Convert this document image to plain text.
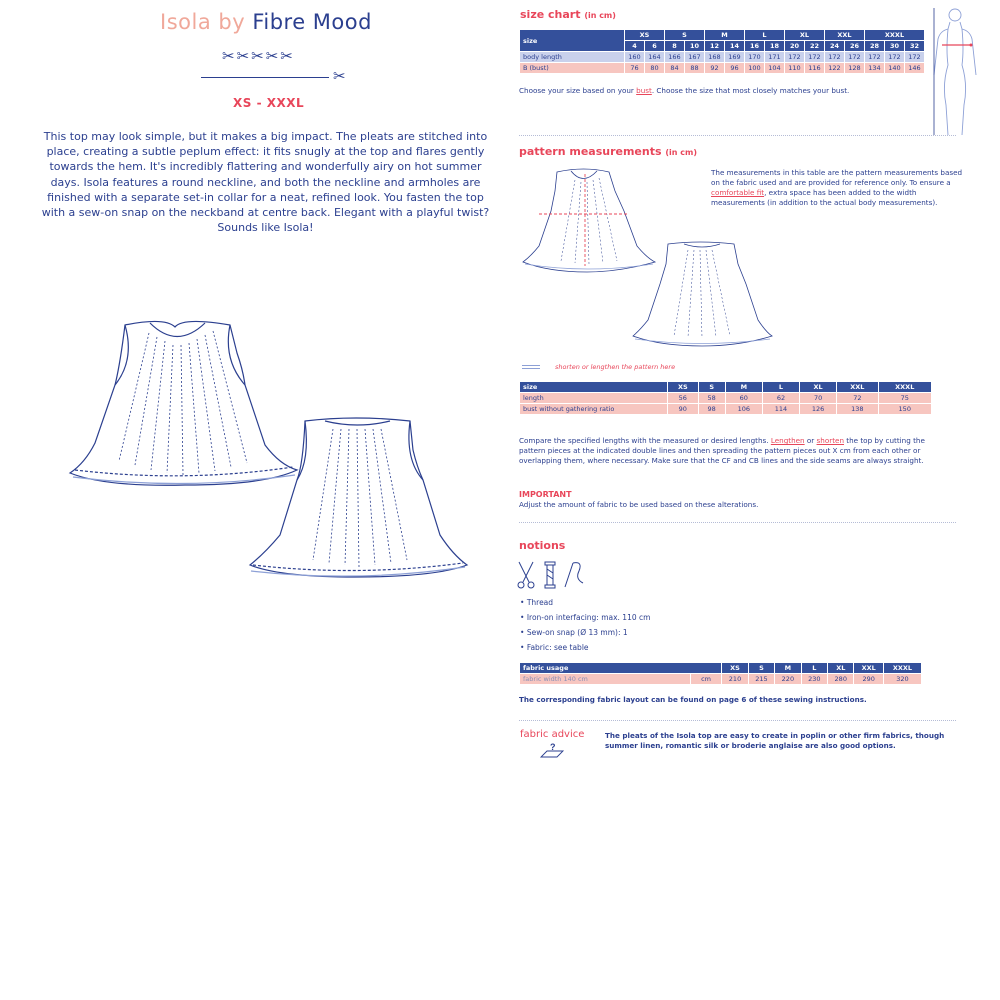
Isola by Fibre Mood
✂✂✂✂✂
✂
XS - XXXL

This top may look simple, but it makes a big impact. The pleats are stitched into place, creating a subtle peplum effect: it fits snugly at the top and flares gently towards the hem. It's incredibly flattering and wonderfully airy on hot summer days. Isola features a round neckline, and both the neckline and armholes are finished with a separate set-in collar for a neat, refined look. You fasten the top with a sew-on snap on the neckband at centre back. Elegant with a playful twist? Sounds like Isola!

size chart (in cm)
size	XS		S		M		L		XL		XXL		XXXL		
	4	6	8	10	12	14	16	18	20	22	24	26	28	30	32
body length	160	164	166	167	168	169	170	171	172	172	172	172	172	172	172
B (bust)	76	80	84	88	92	96	100	104	110	116	122	128	134	140	146

Choose your size based on your bust. Choose the size that most closely matches your bust.

pattern measurements (in cm)

The measurements in this table are the pattern measurements based on the fabric used and are provided for reference only. To ensure a comfortable fit, extra space has been added to the width measurements (in addition to the actual body measurements).

shorten or lengthen the pattern here
size	XS	S	M	L	XL	XXL	XXXL
length	56	58	60	62	70	72	75
bust without gathering ratio	90	98	106	114	126	138	150

Compare the specified lengths with the measured or desired lengths. Lengthen or shorten the top by cutting the pattern pieces at the indicated double lines and then spreading the pattern pieces out X cm from each other or overlapping them, where necessary. Make sure that the CF and CB lines and the side seams are always straight.

IMPORTANT
Adjust the amount of fabric to be used based on these alterations.
notions
• Thread
• Iron-on interfacing: max. 110 cm
• Sew-on snap (Ø 13 mm): 1
• Fabric: see table
fabric usage		XS	S	M	L	XL	XXL	XXXL
fabric width 140 cm	cm	210	215	220	230	280	290	320
The corresponding fabric layout can be found on page 6 of these sewing instructions.
fabric advice
?
The pleats of the Isola top are easy to create in poplin or other firm fabrics, though summer linen, romantic silk or broderie anglaise are also good options.
